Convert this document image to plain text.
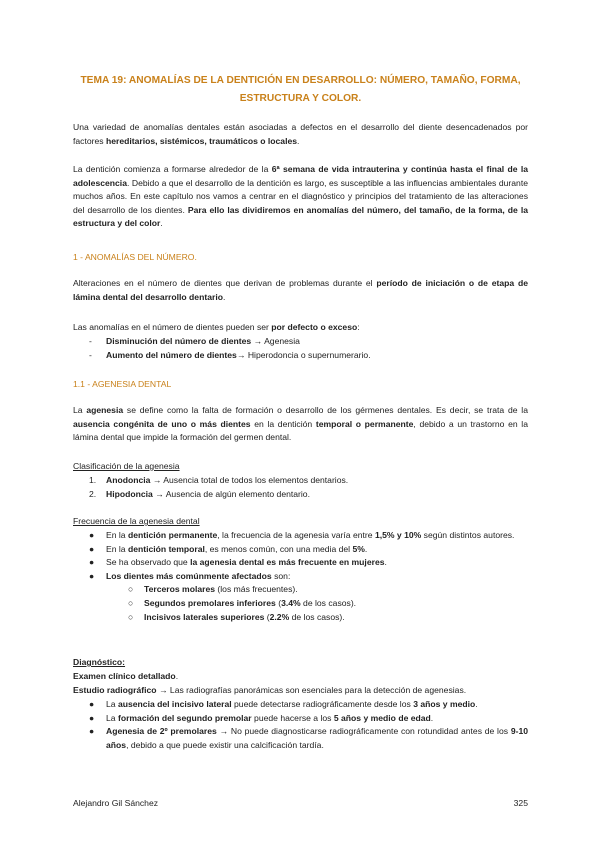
TEMA 19: ANOMALÍAS DE LA DENTICIÓN EN DESARROLLO: NÚMERO, TAMAÑO, FORMA, ESTRUCTURA Y COLOR.
Una variedad de anomalías dentales están asociadas a defectos en el desarrollo del diente desencadenados por factores hereditarios, sistémicos, traumáticos o locales.
La dentición comienza a formarse alrededor de la 6ª semana de vida intrauterina y continúa hasta el final de la adolescencia. Debido a que el desarrollo de la dentición es largo, es susceptible a las influencias ambientales durante muchos años. En este capítulo nos vamos a centrar en el diagnóstico y principios del tratamiento de las alteraciones del desarrollo de los dientes. Para ello las dividiremos en anomalías del número, del tamaño, de la forma, de la estructura y del color.
1 - ANOMALÍAS DEL NÚMERO.
Alteraciones en el número de dientes que derivan de problemas durante el período de iniciación o de etapa de lámina dental del desarrollo dentario.
Las anomalías en el número de dientes pueden ser por defecto o exceso:
- Disminución del número de dientes → Agenesia
- Aumento del número de dientes→ Hiperodoncia o supernumerario.
1.1 - AGENESIA DENTAL
La agenesia se define como la falta de formación o desarrollo de los gérmenes dentales. Es decir, se trata de la ausencia congénita de uno o más dientes en la dentición temporal o permanente, debido a un trastorno en la lámina dental que impide la formación del germen dental.
Clasificación de la agenesia
1. Anodoncia → Ausencia total de todos los elementos dentarios.
2. Hipodoncia → Ausencia de algún elemento dentario.
Frecuencia de la agenesia dental
● En la dentición permanente, la frecuencia de la agenesia varía entre 1,5% y 10% según distintos autores.
● En la dentición temporal, es menos común, con una media del 5%.
● Se ha observado que la agenesia dental es más frecuente en mujeres.
● Los dientes más comúnmente afectados son:
○ Terceros molares (los más frecuentes).
○ Segundos premolares inferiores (3.4% de los casos).
○ Incisivos laterales superiores (2.2% de los casos).
Diagnóstico:
Examen clínico detallado.
Estudio radiográfico → Las radiografías panorámicas son esenciales para la detección de agenesias.
● La ausencia del incisivo lateral puede detectarse radiográficamente desde los 3 años y medio.
● La formación del segundo premolar puede hacerse a los 5 años y medio de edad.
● Agenesia de 2º premolares → No puede diagnosticarse radiográficamente con rotundidad antes de los 9-10 años, debido a que puede existir una calcificación tardía.
Alejandro Gil Sánchez	325
